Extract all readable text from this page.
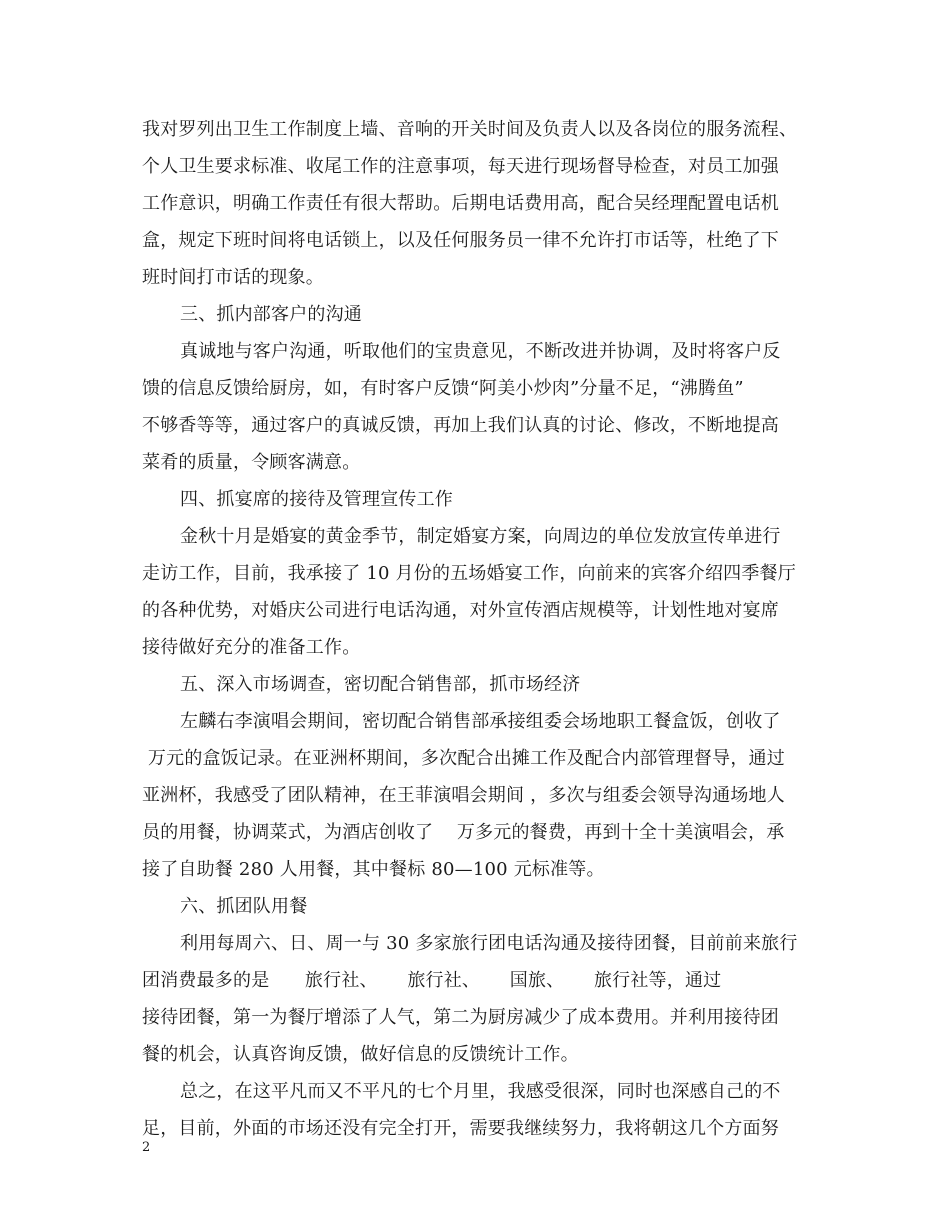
我对罗列出卫生工作制度上墙、音响的开关时间及负责人以及各岗位的服务流程、
个人卫生要求标准、收尾工作的注意事项，每天进行现场督导检查，对员工加强
工作意识，明确工作责任有很大帮助。后期电话费用高，配合吴经理配置电话机
盒，规定下班时间将电话锁上，以及任何服务员一律不允许打市话等，杜绝了下
班时间打市话的现象。
三、抓内部客户的沟通
真诚地与客户沟通，听取他们的宝贵意见，不断改进并协调，及时将客户反
馈的信息反馈给厨房，如，有时客户反馈“阿美小炒肉”分量不足，“沸腾鱼”
不够香等等，通过客户的真诚反馈，再加上我们认真的讨论、修改，不断地提高
菜肴的质量，令顾客满意。
四、抓宴席的接待及管理宣传工作
金秋十月是婚宴的黄金季节，制定婚宴方案，向周边的单位发放宣传单进行
走访工作，目前，我承接了 10 月份的五场婚宴工作，向前来的宾客介绍四季餐厅
的各种优势，对婚庆公司进行电话沟通，对外宣传酒店规模等，计划性地对宴席
接待做好充分的准备工作。
五、深入市场调查，密切配合销售部，抓市场经济
左麟右李演唱会期间，密切配合销售部承接组委会场地职工餐盒饭，创收了
万元的盒饭记录。在亚洲杯期间，多次配合出摊工作及配合内部管理督导，通过
亚洲杯，我感受了团队精神，在王菲演唱会期间 ，多次与组委会领导沟通场地人
员的用餐，协调菜式，为酒店创收了    万多元的餐费，再到十全十美演唱会，承
接了自助餐 280 人用餐，其中餐标 80—100 元标准等。
六、抓团队用餐
利用每周六、日、周一与 30 多家旅行团电话沟通及接待团餐，目前前来旅行
团消费最多的是      旅行社、     旅行社、     国旅、     旅行社等，通过
接待团餐，第一为餐厅增添了人气，第二为厨房减少了成本费用。并利用接待团
餐的机会，认真咨询反馈，做好信息的反馈统计工作。
总之，在这平凡而又不平凡的七个月里，我感受很深，同时也深感自己的不
足，目前，外面的市场还没有完全打开，需要我继续努力，我将朝这几个方面努
2
